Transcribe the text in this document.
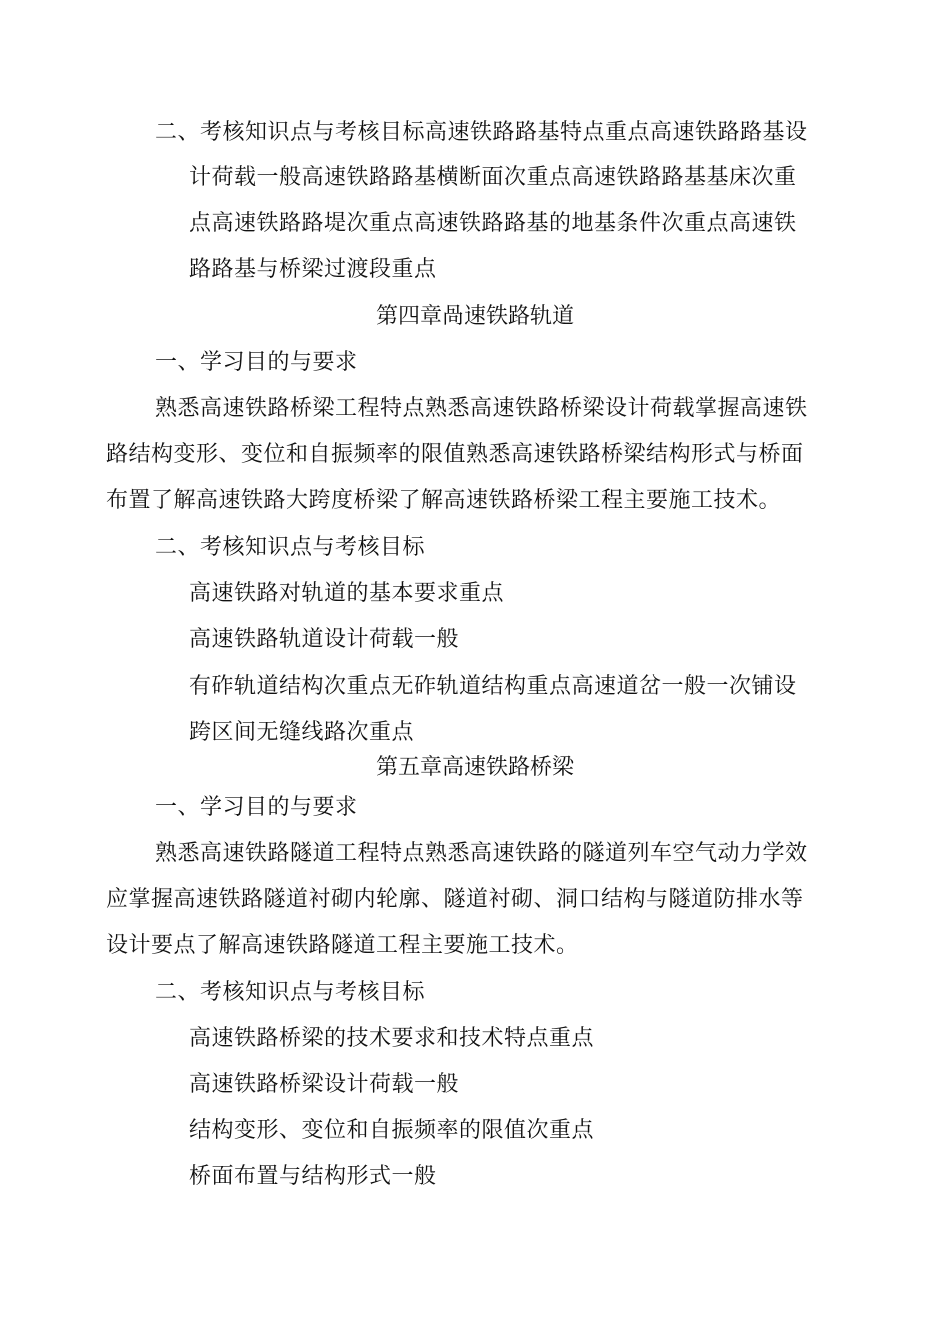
二、考核知识点与考核目标高速铁路路基特点重点高速铁路路基设
计荷载一般高速铁路路基横断面次重点高速铁路路基基床次重
点高速铁路路堤次重点高速铁路路基的地基条件次重点高速铁
路路基与桥梁过渡段重点
第四章咼速铁路轨道
一、学习目的与要求
熟悉高速铁路桥梁工程特点熟悉高速铁路桥梁设计荷载掌握高速铁
路结构变形、变位和自振频率的限值熟悉高速铁路桥梁结构形式与桥面
布置了解高速铁路大跨度桥梁了解高速铁路桥梁工程主要施工技术。
二、考核知识点与考核目标
高速铁路对轨道的基本要求重点
高速铁路轨道设计荷载一般
有砟轨道结构次重点无砟轨道结构重点高速道岔一般一次铺设
跨区间无缝线路次重点
第五章高速铁路桥梁
一、学习目的与要求
熟悉高速铁路隧道工程特点熟悉高速铁路的隧道列车空气动力学效
应掌握高速铁路隧道衬砌内轮廓、隧道衬砌、洞口结构与隧道防排水等
设计要点了解高速铁路隧道工程主要施工技术。
二、考核知识点与考核目标
高速铁路桥梁的技术要求和技术特点重点
高速铁路桥梁设计荷载一般
结构变形、变位和自振频率的限值次重点
桥面布置与结构形式一般
